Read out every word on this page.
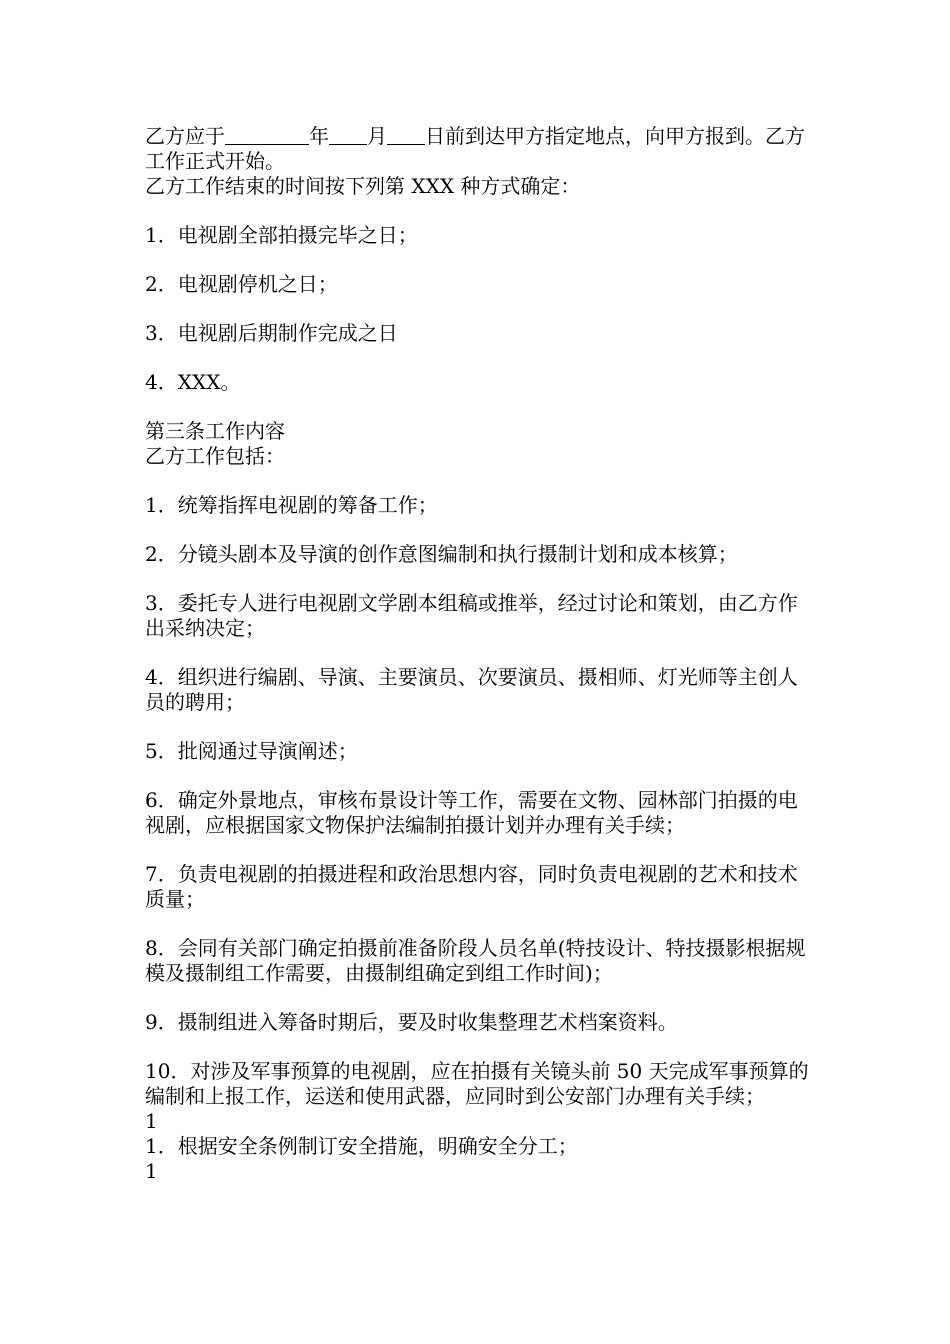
乙方应于	年 月 日前到达甲方指定地点，向甲方报到。乙方工作正式开始。

乙方工作结束的时间按下列第 XXX 种方式确定：

1．电视剧全部拍摄完毕之日；

2．电视剧停机之日；

3．电视剧后期制作完成之日

4．XXX。

第三条工作内容

乙方工作包括：

1．统筹指挥电视剧的筹备工作；

2．分镜头剧本及导演的创作意图编制和执行摄制计划和成本核算；

3．委托专人进行电视剧文学剧本组稿或推举，经过讨论和策划，由乙方作出采纳决定；

4．组织进行编剧、导演、主要演员、次要演员、摄相师、灯光师等主创人员的聘用；

5．批阅通过导演阐述；

6．确定外景地点，审核布景设计等工作，需要在文物、园林部门拍摄的电视剧，应根据国家文物保护法编制拍摄计划并办理有关手续；

7．负责电视剧的拍摄进程和政治思想内容，同时负责电视剧的艺术和技术质量；

8．会同有关部门确定拍摄前准备阶段人员名单(特技设计、特技摄影根据规模及摄制组工作需要，由摄制组确定到组工作时间)；

9．摄制组进入筹备时期后，要及时收集整理艺术档案资料。

10．对涉及军事预算的电视剧，应在拍摄有关镜头前 50 天完成军事预算的编制和上报工作，运送和使用武器，应同时到公安部门办理有关手续；

1

1．根据安全条例制订安全措施，明确安全分工；

1
